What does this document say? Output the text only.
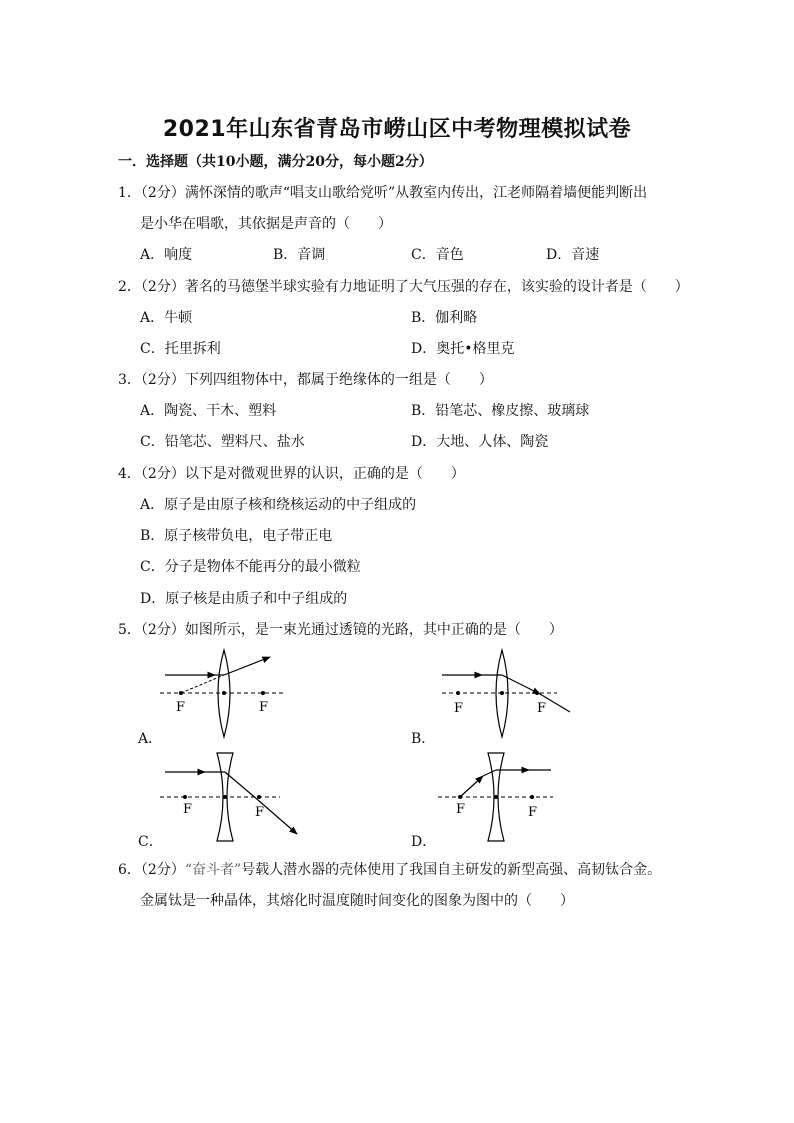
2021年山东省青岛市崂山区中考物理模拟试卷
一．选择题（共10小题，满分20分，每小题2分）
1．（2分）满怀深情的歌声“唱支山歌给党听”从教室内传出，江老师隔着墙便能判断出
是小华在唱歌，其依据是声音的（　　）
A．响度	B．音调	C．音色	D．音速
2．（2分）著名的马德堡半球实验有力地证明了大气压强的存在，该实验的设计者是（　　）
A．牛顿	B．伽利略
C．托里拆利	D．奥托•格里克
3．（2分）下列四组物体中，都属于绝缘体的一组是（　　）
A．陶瓷、干木、塑料	B．铅笔芯、橡皮擦、玻璃球
C．铅笔芯、塑料尺、盐水	D．大地、人体、陶瓷
4．（2分）以下是对微观世界的认识，正确的是（　　）
A．原子是由原子核和绕核运动的中子组成的
B．原子核带负电，电子带正电
C．分子是物体不能再分的最小微粒
D．原子核是由质子和中子组成的
5．（2分）如图所示，是一束光通过透镜的光路，其中正确的是（　　）
F	F
A．
F	F
B．
F	F
C．
F	F
D．
6．（2分）“奋斗者”号载人潜水器的壳体使用了我国自主研发的新型高强、高韧钛合金。
金属钛是一种晶体，其熔化时温度随时间变化的图象为图中的（　　）
